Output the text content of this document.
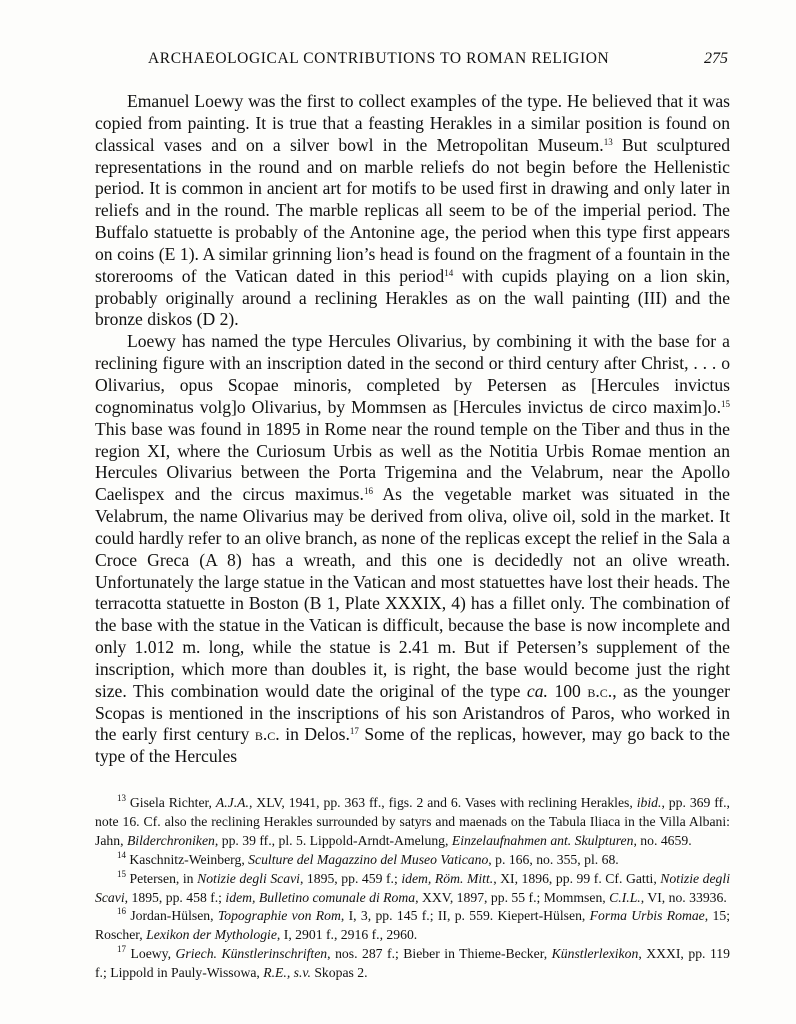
ARCHAEOLOGICAL CONTRIBUTIONS TO ROMAN RELIGION	275

Emanuel Loewy was the first to collect examples of the type. He believed that it was copied from painting. It is true that a feasting Herakles in a similar position is found on classical vases and on a silver bowl in the Metropolitan Museum.$^{13}$ But sculptured representations in the round and on marble reliefs do not begin before the Hellenistic period. It is common in ancient art for motifs to be used first in drawing and only later in reliefs and in the round. The marble replicas all seem to be of the imperial period. The Buffalo statuette is probably of the Antonine age, the period when this type first appears on coins (E 1). A similar grinning lion’s head is found on the fragment of a fountain in the storerooms of the Vatican dated in this period$^{14}$ with cupids playing on a lion skin, probably originally around a reclining Herakles as on the wall painting (III) and the bronze diskos (D 2).

Loewy has named the type Hercules Olivarius, by combining it with the base for a reclining figure with an inscription dated in the second or third century after Christ, . . . o Olivarius, opus Scopae minoris, completed by Petersen as [Hercules invictus cognominatus volg]o Olivarius, by Mommsen as [Hercules invictus de circo maxim]o.$^{15}$ This base was found in 1895 in Rome near the round temple on the Tiber and thus in the region XI, where the Curiosum Urbis as well as the Notitia Urbis Romae mention an Hercules Olivarius between the Porta Trigemina and the Velabrum, near the Apollo Caelispex and the circus maximus.$^{16}$ As the vegetable market was situated in the Velabrum, the name Olivarius may be derived from oliva, olive oil, sold in the market. It could hardly refer to an olive branch, as none of the replicas except the relief in the Sala a Croce Greca (A 8) has a wreath, and this one is decidedly not an olive wreath. Unfortunately the large statue in the Vatican and most statuettes have lost their heads. The terracotta statuette in Boston (B 1, Plate XXXIX, 4) has a fillet only. The combination of the base with the statue in the Vatican is difficult, because the base is now incomplete and only 1.012 m. long, while the statue is 2.41 m. But if Petersen’s supplement of the inscription, which more than doubles it, is right, the base would become just the right size. This combination would date the original of the type ca. 100 b.c., as the younger Scopas is mentioned in the inscriptions of his son Aristandros of Paros, who worked in the early first century b.c. in Delos.$^{17}$ Some of the replicas, however, may go back to the type of the Hercules

$^{13}$ Gisela Richter, A.J.A., XLV, 1941, pp. 363 ff., figs. 2 and 6. Vases with reclining Herakles, ibid., pp. 369 ff., note 16. Cf. also the reclining Herakles surrounded by satyrs and maenads on the Tabula Iliaca in the Villa Albani: Jahn, Bilderchroniken, pp. 39 ff., pl. 5. Lippold-Arndt-Amelung, Einzelaufnahmen ant. Skulpturen, no. 4659.

$^{14}$ Kaschnitz-Weinberg, Sculture del Magazzino del Museo Vaticano, p. 166, no. 355, pl. 68.

$^{15}$ Petersen, in Notizie degli Scavi, 1895, pp. 459 f.; idem, Röm. Mitt., XI, 1896, pp. 99 f. Cf. Gatti, Notizie degli Scavi, 1895, pp. 458 f.; idem, Bulletino comunale di Roma, XXV, 1897, pp. 55 f.; Mommsen, C.I.L., VI, no. 33936.

$^{16}$ Jordan-Hülsen, Topographie von Rom, I, 3, pp. 145 f.; II, p. 559. Kiepert-Hülsen, Forma Urbis Romae, 15; Roscher, Lexikon der Mythologie, I, 2901 f., 2916 f., 2960.

$^{17}$ Loewy, Griech. Künstlerinschriften, nos. 287 f.; Bieber in Thieme-Becker, Künstlerlexikon, XXXI, pp. 119 f.; Lippold in Pauly-Wissowa, R.E., s.v. Skopas 2.
